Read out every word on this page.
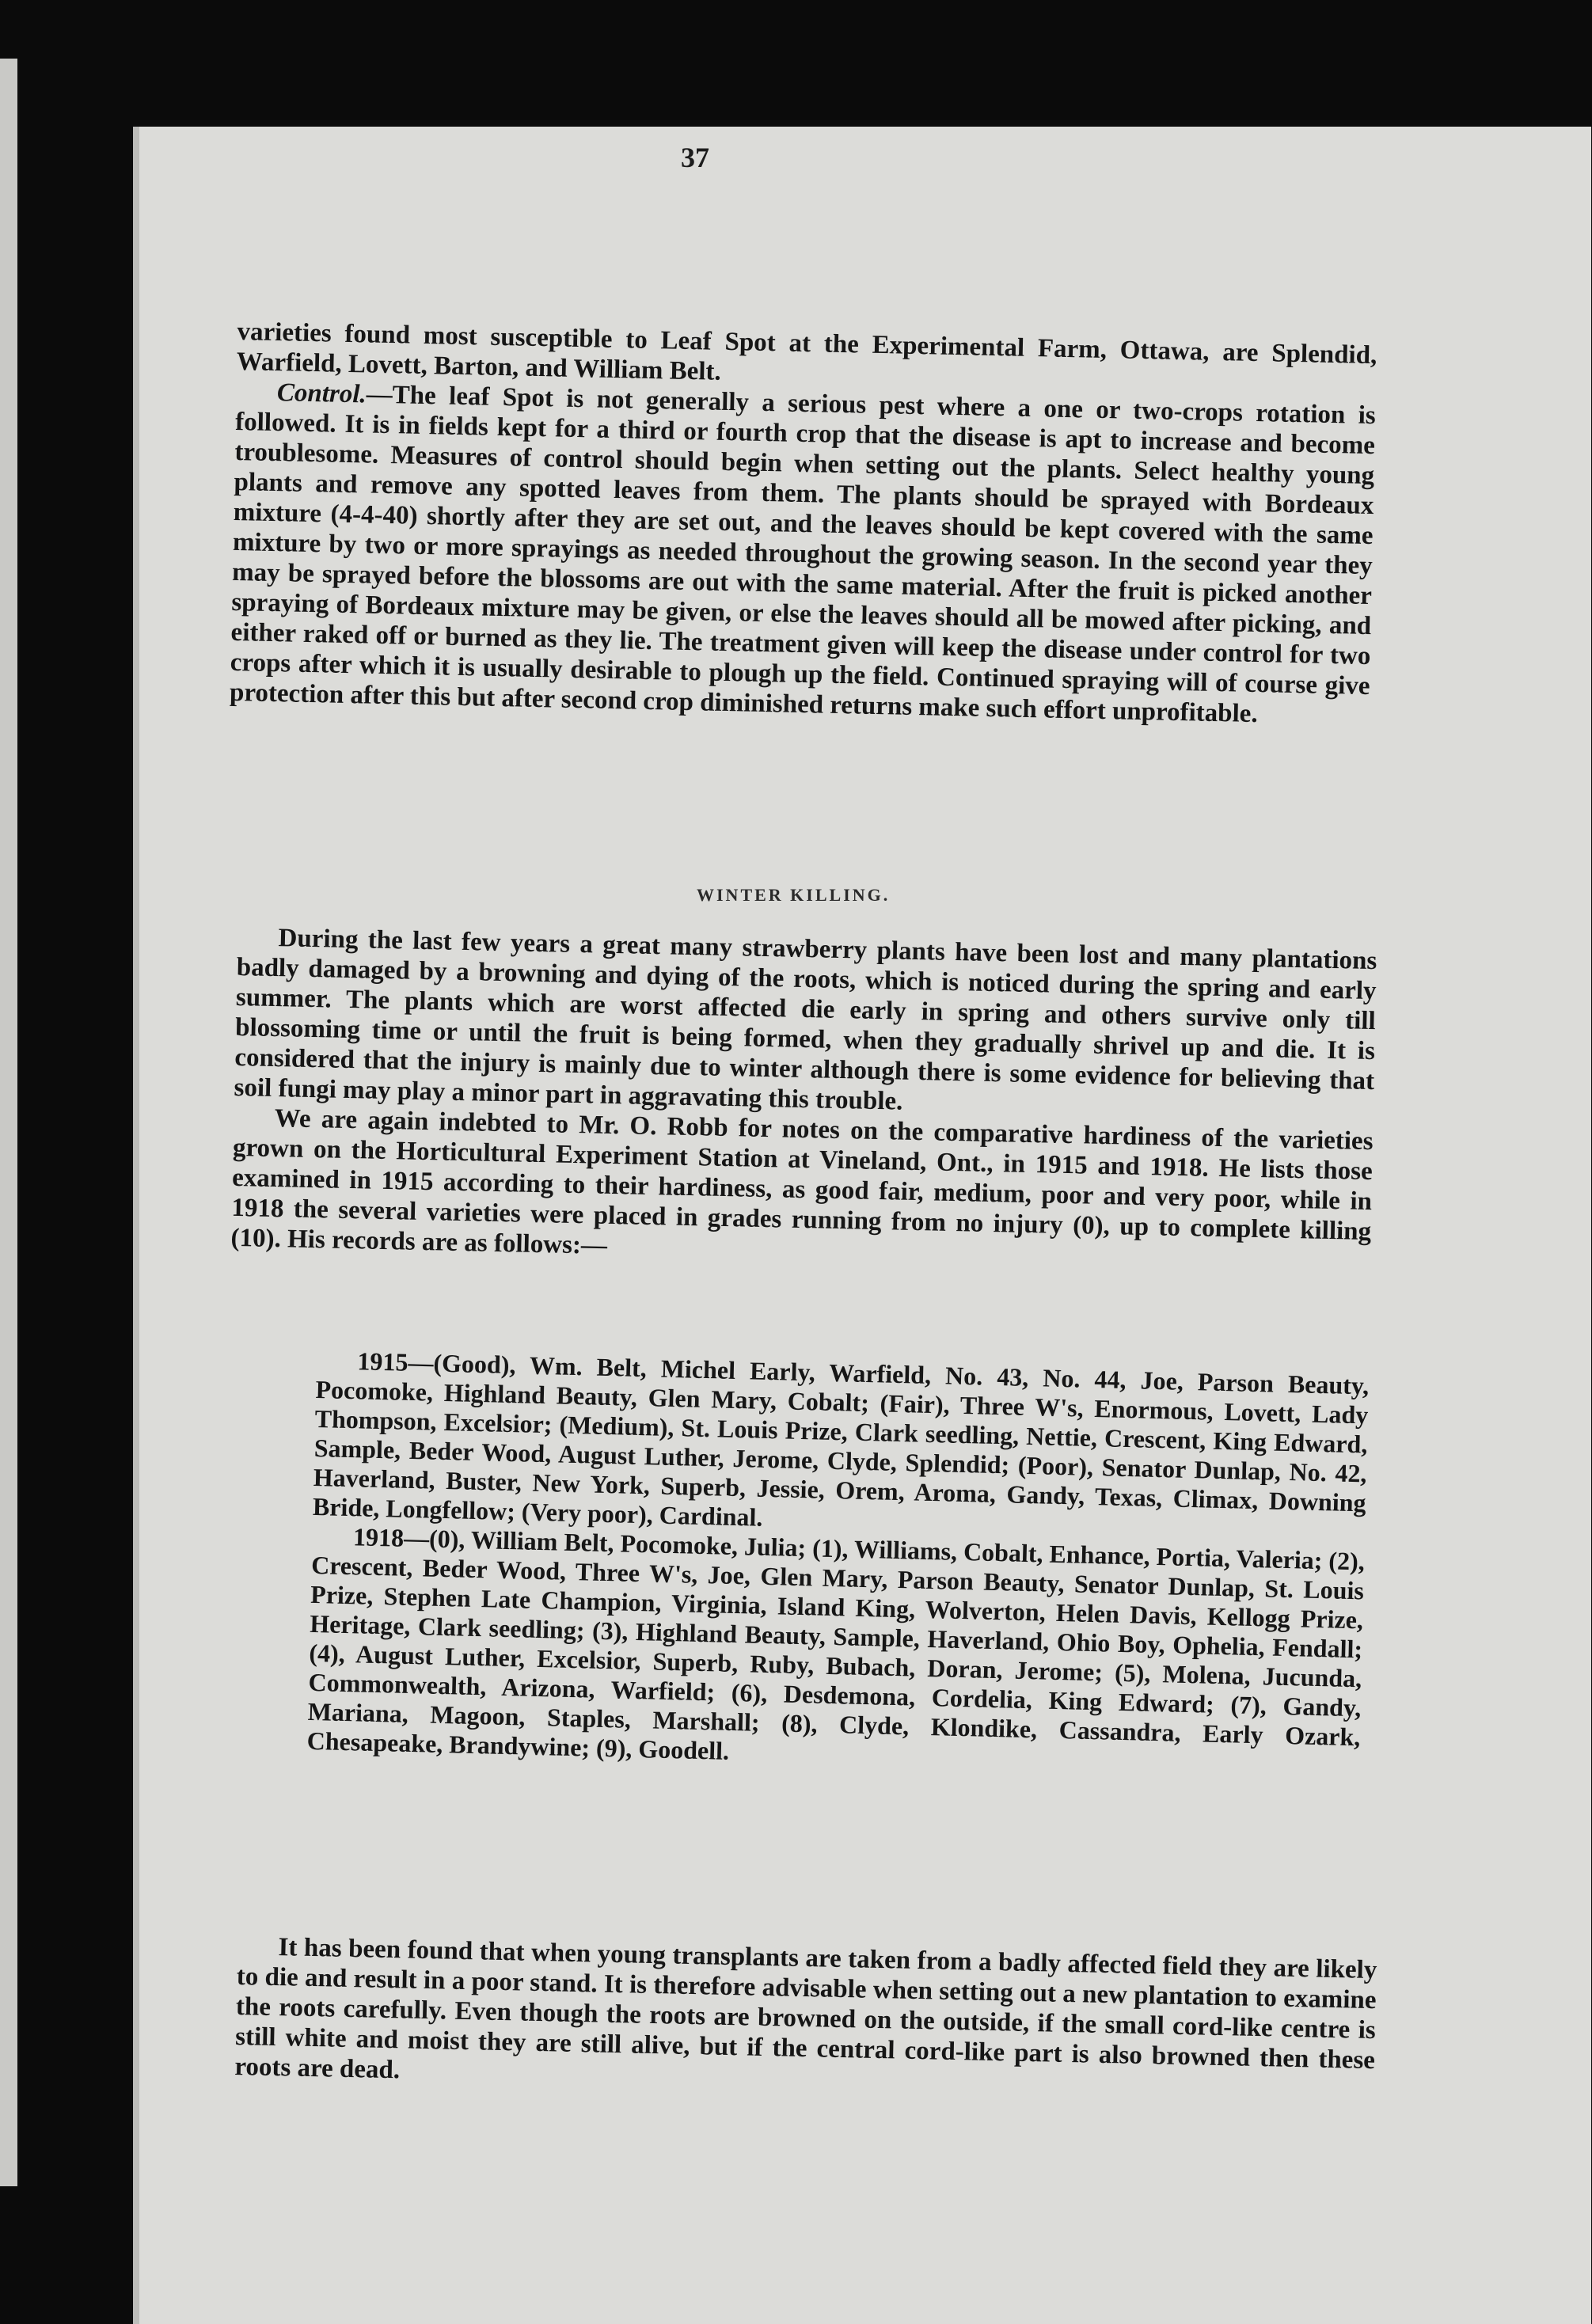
37

varieties found most susceptible to Leaf Spot at the Experimental Farm, Ottawa, are Splendid, Warfield, Lovett, Barton, and William Belt.

Control.—The leaf Spot is not generally a serious pest where a one or two-crops rotation is followed. It is in fields kept for a third or fourth crop that the disease is apt to increase and become troublesome. Measures of control should begin when setting out the plants. Select healthy young plants and remove any spotted leaves from them. The plants should be sprayed with Bordeaux mixture (4-4-40) shortly after they are set out, and the leaves should be kept covered with the same mixture by two or more sprayings as needed throughout the growing season. In the second year they may be sprayed before the blossoms are out with the same material. After the fruit is picked another spraying of Bordeaux mixture may be given, or else the leaves should all be mowed after picking, and either raked off or burned as they lie. The treatment given will keep the disease under control for two crops after which it is usually desirable to plough up the field. Continued spraying will of course give protection after this but after second crop diminished returns make such effort unprofitable.

WINTER KILLING.

During the last few years a great many strawberry plants have been lost and many plantations badly damaged by a browning and dying of the roots, which is noticed during the spring and early summer. The plants which are worst affected die early in spring and others survive only till blossoming time or until the fruit is being formed, when they gradually shrivel up and die. It is considered that the injury is mainly due to winter although there is some evidence for believing that soil fungi may play a minor part in aggravating this trouble.

We are again indebted to Mr. O. Robb for notes on the comparative hardiness of the varieties grown on the Horticultural Experiment Station at Vineland, Ont., in 1915 and 1918. He lists those examined in 1915 according to their hardiness, as good fair, medium, poor and very poor, while in 1918 the several varieties were placed in grades running from no injury (0), up to complete killing (10). His records are as follows:—

1915—(Good), Wm. Belt, Michel Early, Warfield, No. 43, No. 44, Joe, Parson Beauty, Pocomoke, Highland Beauty, Glen Mary, Cobalt; (Fair), Three W's, Enormous, Lovett, Lady Thompson, Excelsior; (Medium), St. Louis Prize, Clark seedling, Nettie, Crescent, King Edward, Sample, Beder Wood, August Luther, Jerome, Clyde, Splendid; (Poor), Senator Dunlap, No. 42, Haverland, Buster, New York, Superb, Jessie, Orem, Aroma, Gandy, Texas, Climax, Downing Bride, Longfellow; (Very poor), Cardinal.

1918—(0), William Belt, Pocomoke, Julia; (1), Williams, Cobalt, Enhance, Portia, Valeria; (2), Crescent, Beder Wood, Three W's, Joe, Glen Mary, Parson Beauty, Senator Dunlap, St. Louis Prize, Stephen Late Champion, Virginia, Island King, Wolverton, Helen Davis, Kellogg Prize, Heritage, Clark seedling; (3), Highland Beauty, Sample, Haverland, Ohio Boy, Ophelia, Fendall; (4), August Luther, Excelsior, Superb, Ruby, Bubach, Doran, Jerome; (5), Molena, Jucunda, Commonwealth, Arizona, Warfield; (6), Desdemona, Cordelia, King Edward; (7), Gandy, Mariana, Magoon, Staples, Marshall; (8), Clyde, Klondike, Cassandra, Early Ozark, Chesapeake, Brandywine; (9), Goodell.

It has been found that when young transplants are taken from a badly affected field they are likely to die and result in a poor stand. It is therefore advisable when setting out a new plantation to examine the roots carefully. Even though the roots are browned on the outside, if the small cord-like centre is still white and moist they are still alive, but if the central cord-like part is also browned then these roots are dead.
